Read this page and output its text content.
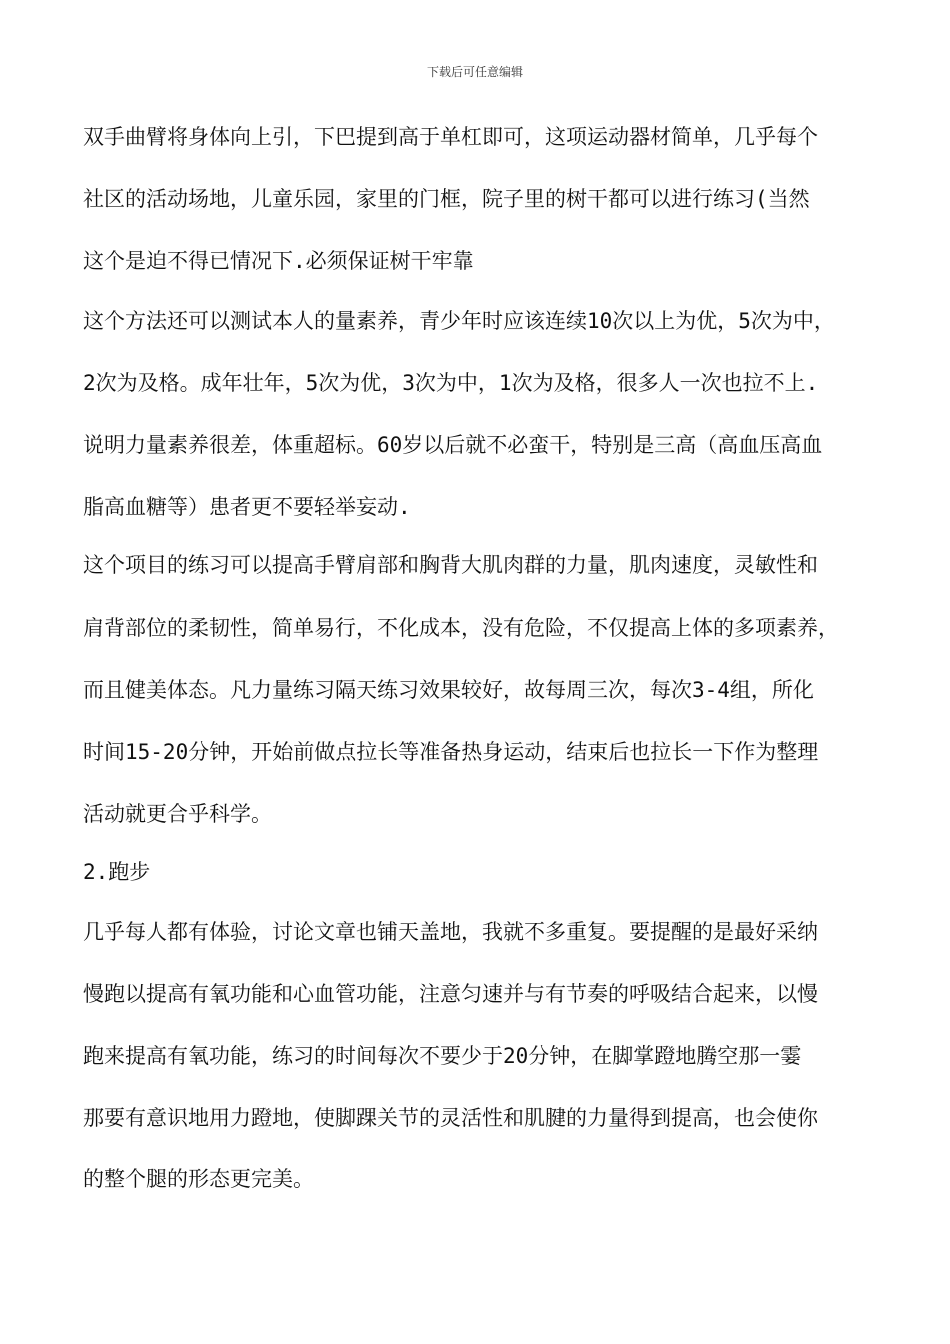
下载后可任意编辑
双手曲臂将身体向上引，下巴提到高于单杠即可，这项运动器材简单，几乎每个
社区的活动场地，儿童乐园，家里的门框，院子里的树干都可以进行练习(当然
这个是迫不得已情况下.必须保证树干牢靠
这个方法还可以测试本人的量素养，青少年时应该连续10次以上为优，5次为中，
2次为及格。成年壮年，5次为优，3次为中，1次为及格，很多人一次也拉不上.
说明力量素养很差，体重超标。60岁以后就不必蛮干，特别是三高（高血压高血
脂高血糖等）患者更不要轻举妄动.
这个项目的练习可以提高手臂肩部和胸背大肌肉群的力量，肌肉速度，灵敏性和
肩背部位的柔韧性，简单易行，不化成本，没有危险，不仅提高上体的多项素养，
而且健美体态。凡力量练习隔天练习效果较好，故每周三次，每次3-4组，所化
时间15-20分钟，开始前做点拉长等准备热身运动，结束后也拉长一下作为整理
活动就更合乎科学。
2.跑步
几乎每人都有体验，讨论文章也铺天盖地，我就不多重复。要提醒的是最好采纳
慢跑以提高有氧功能和心血管功能，注意匀速并与有节奏的呼吸结合起来，以慢
跑来提高有氧功能，练习的时间每次不要少于20分钟，在脚掌蹬地腾空那一霎
那要有意识地用力蹬地，使脚踝关节的灵活性和肌腱的力量得到提高，也会使你
的整个腿的形态更完美。
